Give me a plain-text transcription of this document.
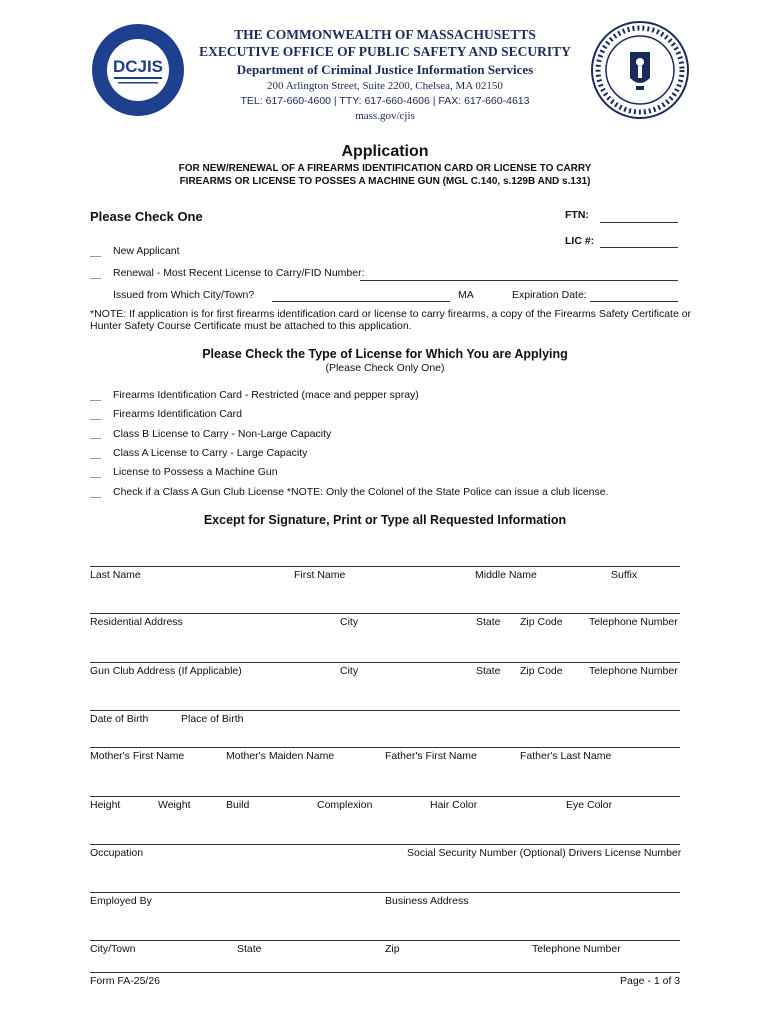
DCJIS
THE COMMONWEALTH OF MASSACHUSETTS
EXECUTIVE OFFICE OF PUBLIC SAFETY AND SECURITY
Department of Criminal Justice Information Services
200 Arlington Street, Suite 2200, Chelsea, MA 02150
TEL: 617-660-4600 | TTY: 617-660-4606 | FAX: 617-660-4613
mass.gov/cjis
Application
FOR NEW/RENEWAL OF A FIREARMS IDENTIFICATION CARD OR LICENSE TO CARRY
FIREARMS OR LICENSE TO POSSES A MACHINE GUN (MGL C.140, s.129B AND s.131)
Please Check One	FTN:
LIC #:
New Applicant
Renewal - Most Recent License to Carry/FID Number:
Issued from Which City/Town?	MA	Expiration Date:
*NOTE: If application is for first firearms identification card or license to carry firearms, a copy of the Firearms Safety Certificate or
Hunter Safety Course Certificate must be attached to this application.
Please Check the Type of License for Which You are Applying
(Please Check Only One)
Firearms Identification Card - Restricted (mace and pepper spray)
Firearms Identification Card
Class B License to Carry - Non-Large Capacity
Class A License to Carry - Large Capacity
License to Possess a Machine Gun
Check if a Class A Gun Club License *NOTE: Only the Colonel of the State Police can issue a club license.
Except for Signature, Print or Type all Requested Information
Last Name	First Name	Middle Name	Suffix
Residential Address	City	State Zip Code	Telephone Number
Gun Club Address (If Applicable)	City	State Zip Code	Telephone Number
Date of Birth	Place of Birth
Mother's First Name	Mother's Maiden Name	Father's First Name	Father's Last Name
Height	Weight	Build	Complexion	Hair Color	Eye Color
Occupation	Social Security Number (Optional) Drivers License Number
Employed By	Business Address
City/Town	State	Zip	Telephone Number
Form FA-25/26	Page - 1 of 3
